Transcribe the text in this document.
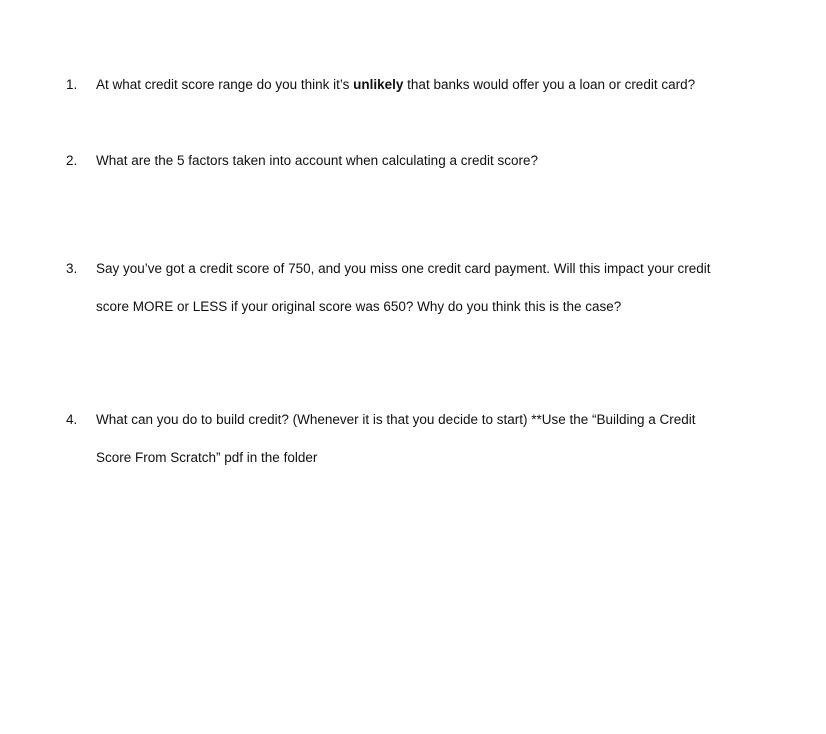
1.	At what credit score range do you think it’s unlikely that banks would offer you a loan or credit card?
2.	What are the 5 factors taken into account when calculating a credit score?
3.	Say you’ve got a credit score of 750, and you miss one credit card payment. Will this impact your credit
score MORE or LESS if your original score was 650? Why do you think this is the case?
4.	What can you do to build credit? (Whenever it is that you decide to start) **Use the “Building a Credit
Score From Scratch” pdf in the folder
